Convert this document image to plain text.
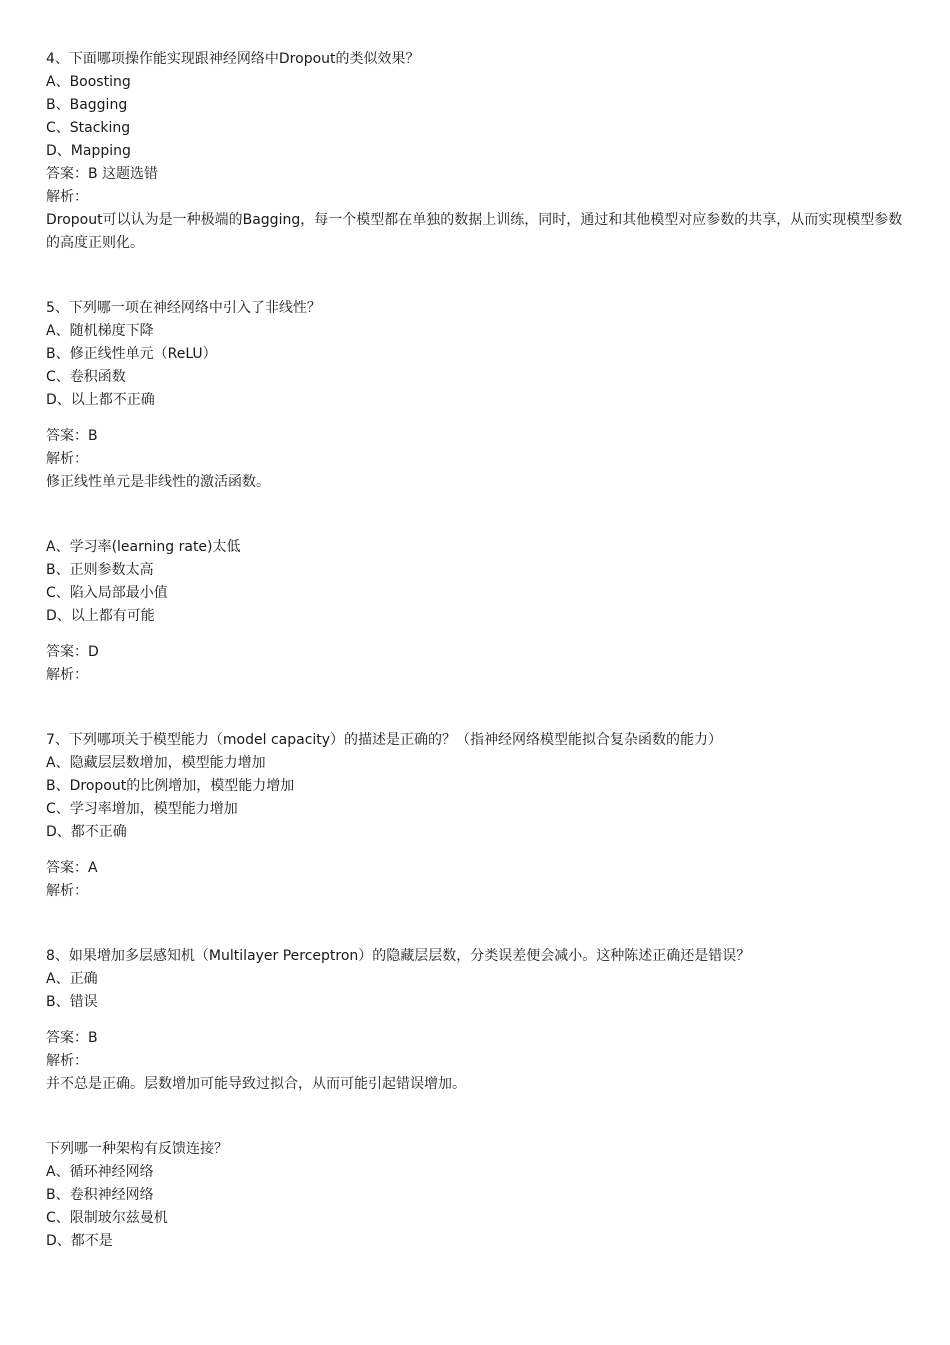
4、下面哪项操作能实现跟神经网络中Dropout的类似效果？
A、Boosting
B、Bagging
C、Stacking
D、Mapping
答案：B 这题选错
解析：
Dropout可以认为是一种极端的Bagging，每一个模型都在单独的数据上训练，同时，通过和其他模型对应参数的共享，从而实现模型参数的高度正则化。
5、下列哪一项在神经网络中引入了非线性？
A、随机梯度下降
B、修正线性单元（ReLU）
C、卷积函数
D、以上都不正确
答案：B
解析：
修正线性单元是非线性的激活函数。
A、学习率(learning rate)太低
B、正则参数太高
C、陷入局部最小值
D、以上都有可能
答案：D
解析：
7、下列哪项关于模型能力（model capacity）的描述是正确的？（指神经网络模型能拟合复杂函数的能力）
A、隐藏层层数增加，模型能力增加
B、Dropout的比例增加，模型能力增加
C、学习率增加，模型能力增加
D、都不正确
答案：A
解析：
8、如果增加多层感知机（Multilayer Perceptron）的隐藏层层数，分类误差便会减小。这种陈述正确还是错误？
A、正确
B、错误
答案：B
解析：
并不总是正确。层数增加可能导致过拟合，从而可能引起错误增加。
下列哪一种架构有反馈连接？
A、循环神经网络
B、卷积神经网络
C、限制玻尔兹曼机
D、都不是
